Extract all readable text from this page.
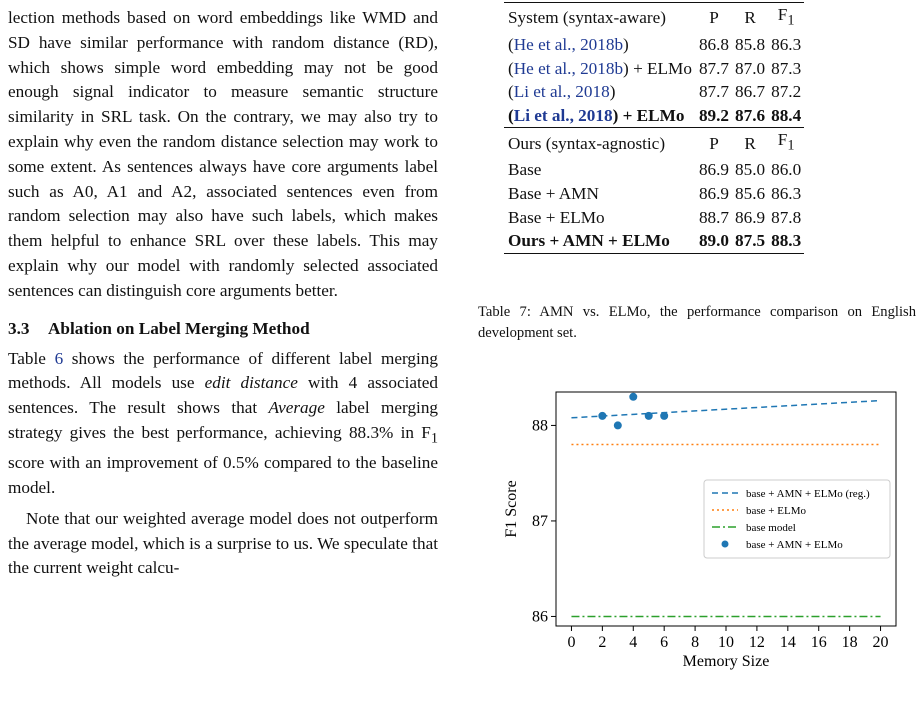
lection methods based on word embeddings like WMD and SD have similar performance with random distance (RD), which shows simple word embedding may not be good enough signal indicator to measure semantic structure similarity in SRL task. On the contrary, we may also try to explain why even the random distance selection may work to some extent. As sentences always have core arguments label such as A0, A1 and A2, associated sentences even from random selection may also have such labels, which makes them helpful to enhance SRL over these labels. This may explain why our model with randomly selected associated sentences can distinguish core arguments better.

3.3 Ablation on Label Merging Method

Table 6 shows the performance of different label merging methods. All models use edit distance with 4 associated sentences. The result shows that Average label merging strategy gives the best performance, achieving 88.3% in $F_1$ score with an improvement of 0.5% compared to the baseline model.

Note that our weighted average model does not outperform the average model, which is a surprise to us. We speculate that the current weight calcu-

System (syntax-aware)	P	R	$F_1$
(He et al., 2018b)	86.8	85.8	86.3
(He et al., 2018b) + ELMo	87.7	87.0	87.3
(Li et al., 2018)	87.7	86.7	87.2
(Li et al., 2018) + ELMo	89.2	87.6	88.4
Ours (syntax-agnostic)	P	R	$F_1$
Base	86.9	85.0	86.0
Base + AMN	86.9	85.6	86.3
Base + ELMo	88.7	86.9	87.8
Ours + AMN + ELMo	89.0	87.5	88.3
Table 7: AMN vs. ELMo, the performance comparison on English development set.
0 2 4 6 8 10 12 14 16 18 20
86
87
88
Memory Size
F1 Score	base + AMN + ELMo (reg.)
base + ELMo
base model
base + AMN + ELMo
